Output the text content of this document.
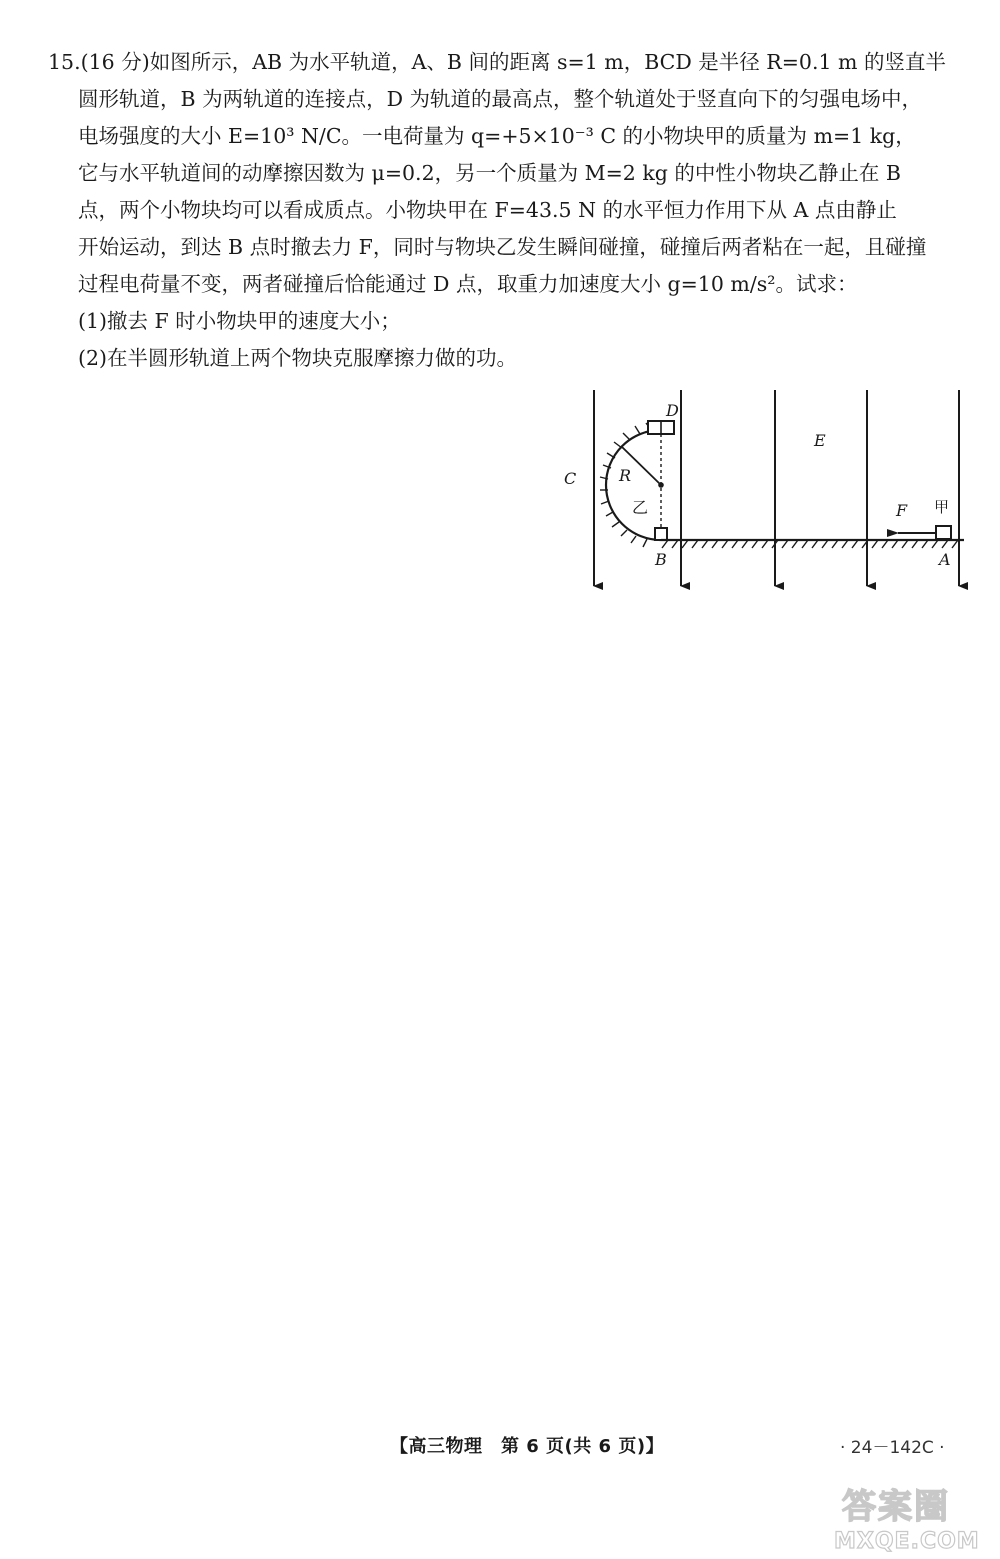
15.(16 分)如图所示，AB 为水平轨道，A、B 间的距离 s=1 m，BCD 是半径 R=0.1 m 的竖直半
圆形轨道，B 为两轨道的连接点，D 为轨道的最高点，整个轨道处于竖直向下的匀强电场中，
电场强度的大小 E=10³ N/C。一电荷量为 q=+5×10⁻³ C 的小物块甲的质量为 m=1 kg，
它与水平轨道间的动摩擦因数为 μ=0.2，另一个质量为 M=2 kg 的中性小物块乙静止在 B
点，两个小物块均可以看成质点。小物块甲在 F=43.5 N 的水平恒力作用下从 A 点由静止
开始运动，到达 B 点时撤去力 F，同时与物块乙发生瞬间碰撞，碰撞后两者粘在一起，且碰撞
过程电荷量不变，两者碰撞后恰能通过 D 点，取重力加速度大小 g=10 m/s²。试求：
(1)撤去 F 时小物块甲的速度大小；
(2)在半圆形轨道上两个物块克服摩擦力做的功。
D
C	R
乙
B
E
F 甲
A
【高三物理　第 6 页(共 6 页)】	· 24－142C ·
答案圈
MXQE.COM
